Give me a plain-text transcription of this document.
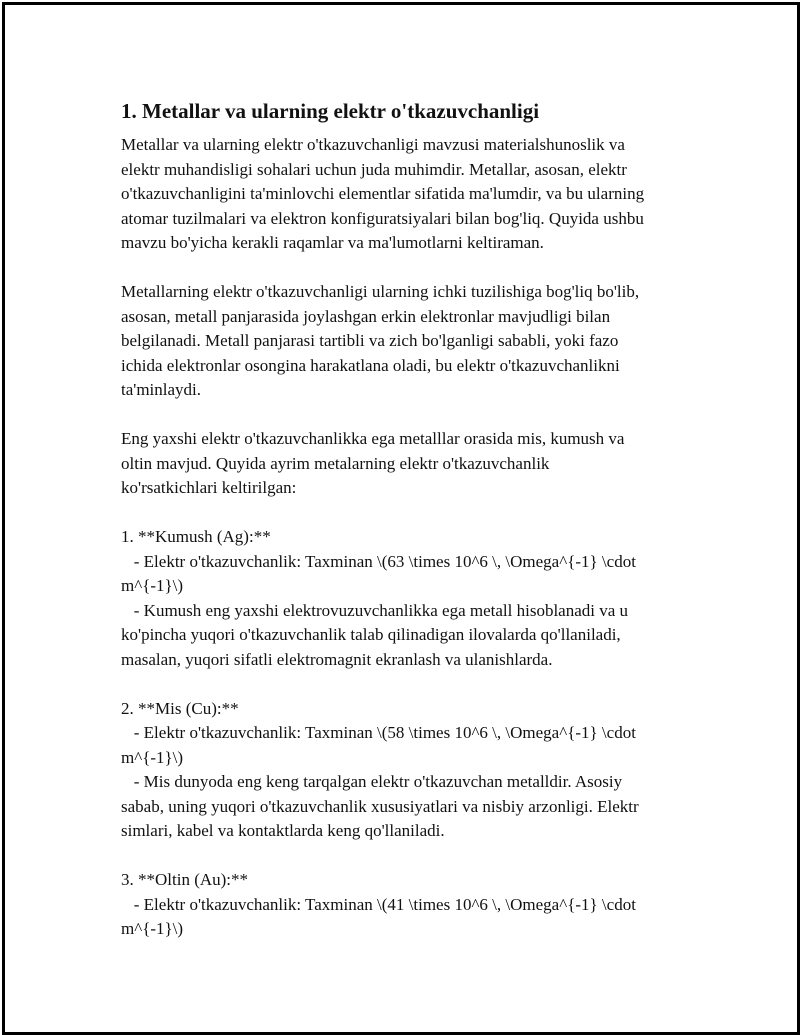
1. Metallar va ularning elektr o'tkazuvchanligi

Metallar va ularning elektr o'tkazuvchanligi mavzusi materialshunoslik va
elektr muhandisligi sohalari uchun juda muhimdir. Metallar, asosan, elektr
o'tkazuvchanligini ta'minlovchi elementlar sifatida ma'lumdir, va bu ularning
atomar tuzilmalari va elektron konfiguratsiyalari bilan bog'liq. Quyida ushbu
mavzu bo'yicha kerakli raqamlar va ma'lumotlarni keltiraman.

Metallarning elektr o'tkazuvchanligi ularning ichki tuzilishiga bog'liq bo'lib,
asosan, metall panjarasida joylashgan erkin elektronlar mavjudligi bilan
belgilanadi. Metall panjarasi tartibli va zich bo'lganligi sababli, yoki fazo
ichida elektronlar osongina harakatlana oladi, bu elektr o'tkazuvchanlikni
ta'minlaydi.

Eng yaxshi elektr o'tkazuvchanlikka ega metalllar orasida mis, kumush va
oltin mavjud. Quyida ayrim metalarning elektr o'tkazuvchanlik
ko'rsatkichlari keltirilgan:

1. **Kumush (Ag):**
- Elektr o'tkazuvchanlik: Taxminan \(63 \times 10^6 \, \Omega^{-1} \cdot
m^{-1}\)
- Kumush eng yaxshi elektrovuzuvchanlikka ega metall hisoblanadi va u
ko'pincha yuqori o'tkazuvchanlik talab qilinadigan ilovalarda qo'llaniladi,
masalan, yuqori sifatli elektromagnit ekranlash va ulanishlarda.

2. **Mis (Cu):**
- Elektr o'tkazuvchanlik: Taxminan \(58 \times 10^6 \, \Omega^{-1} \cdot
m^{-1}\)
- Mis dunyoda eng keng tarqalgan elektr o'tkazuvchan metalldir. Asosiy
sabab, uning yuqori o'tkazuvchanlik xususiyatlari va nisbiy arzonligi. Elektr
simlari, kabel va kontaktlarda keng qo'llaniladi.

3. **Oltin (Au):**
- Elektr o'tkazuvchanlik: Taxminan \(41 \times 10^6 \, \Omega^{-1} \cdot
m^{-1}\)
